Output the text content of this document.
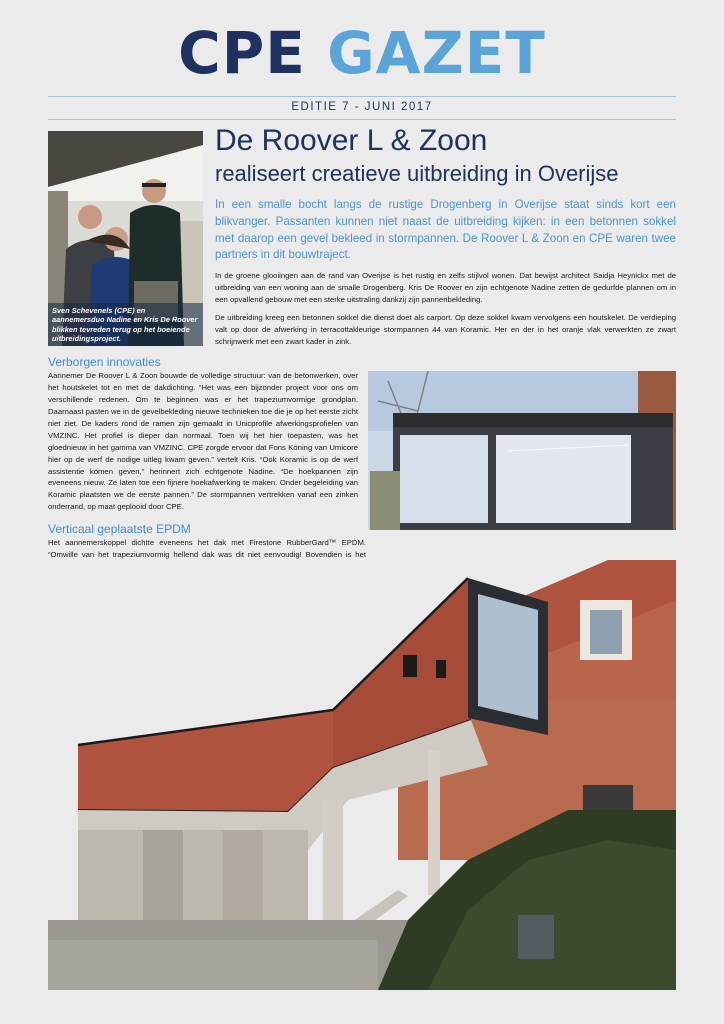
CPE GAZET
EDITIE 7 - JUNI 2017
Sven Schevenels (CPE) en aannemersduo Nadine en Kris De Roover blikken tevreden terug op het boeiende uitbreidingsproject.
De Roover L & Zoon
realiseert creatieve uitbreiding in Overijse
In een smalle bocht langs de rustige Drogenberg in Overijse staat sinds kort een blikvanger. Passanten kunnen niet naast de uitbreiding kijken: in een betonnen sokkel met daarop een gevel bekleed in stormpannen. De Roover L & Zoon en CPE waren twee partners in dit bouwtraject.

In de groene glooiingen aan de rand van Overijse is het rustig en zelfs stijlvol wonen. Dat bewijst architect Saidja Heynickx met de uitbreiding van een woning aan de smalle Drogenberg. Kris De Roover en zijn echtgenote Nadine zetten de gedurfde plannen om in een opvallend gebouw met een sterke uitstraling dankzij zijn pannenbekleding.

De uitbreiding kreeg een betonnen sokkel die dienst doet als carport. Op deze sokkel kwam vervolgens een houtskelet. De verdieping valt op door de afwerking in terracottakleurige stormpannen 44 van Koramic. Her en der in het oranje vlak verwerkten ze zwart schrijnwerk met een zwart kader in zink.

Verborgen innovaties

Aannemer De Roover L & Zoon bouwde de volledige structuur: van de betonwerken, over het houtskelet tot en met de dakdichting. “Het was een bijzonder project voor ons om verschillende redenen. Om te beginnen was er het trapeziumvormige grondplan. Daarnaast pasten we in de gevelbekleding nieuwe technieken toe die je op het eerste zicht niet ziet. De kaders rond de ramen zijn gemaakt in Unicprofile afwerkingsprofielen van VMZINC. Het profiel is dieper dan normaal. Toen wij het hier toepasten, was het gloednieuw in het gamma van VMZINC. CPE zorgde ervoor dat Fons Koning van Umicore hier op de werf de nodige uitleg kwam geven.” vertelt Kris. “Ook Koramic is op de werf assistentie komen geven,” herinnert zich echtgenote Nadine. “De hoekpannen zijn eveneens nieuw. Ze laten toe een fijnere hoekafwerking te maken. Onder begeleiding van Koramic plaatsten we de eerste pannen.” De stormpannen vertrekken vanaf een zinken onderrand, op maat geplooid door CPE.

Verticaal geplaatste EPDM

Het aannemerskoppel dichtte eveneens het dak met Firestone RubberGard™ EPDM. “Omwille van het trapeziumvormig hellend dak was dit niet eenvoudig! Bovendien is het
